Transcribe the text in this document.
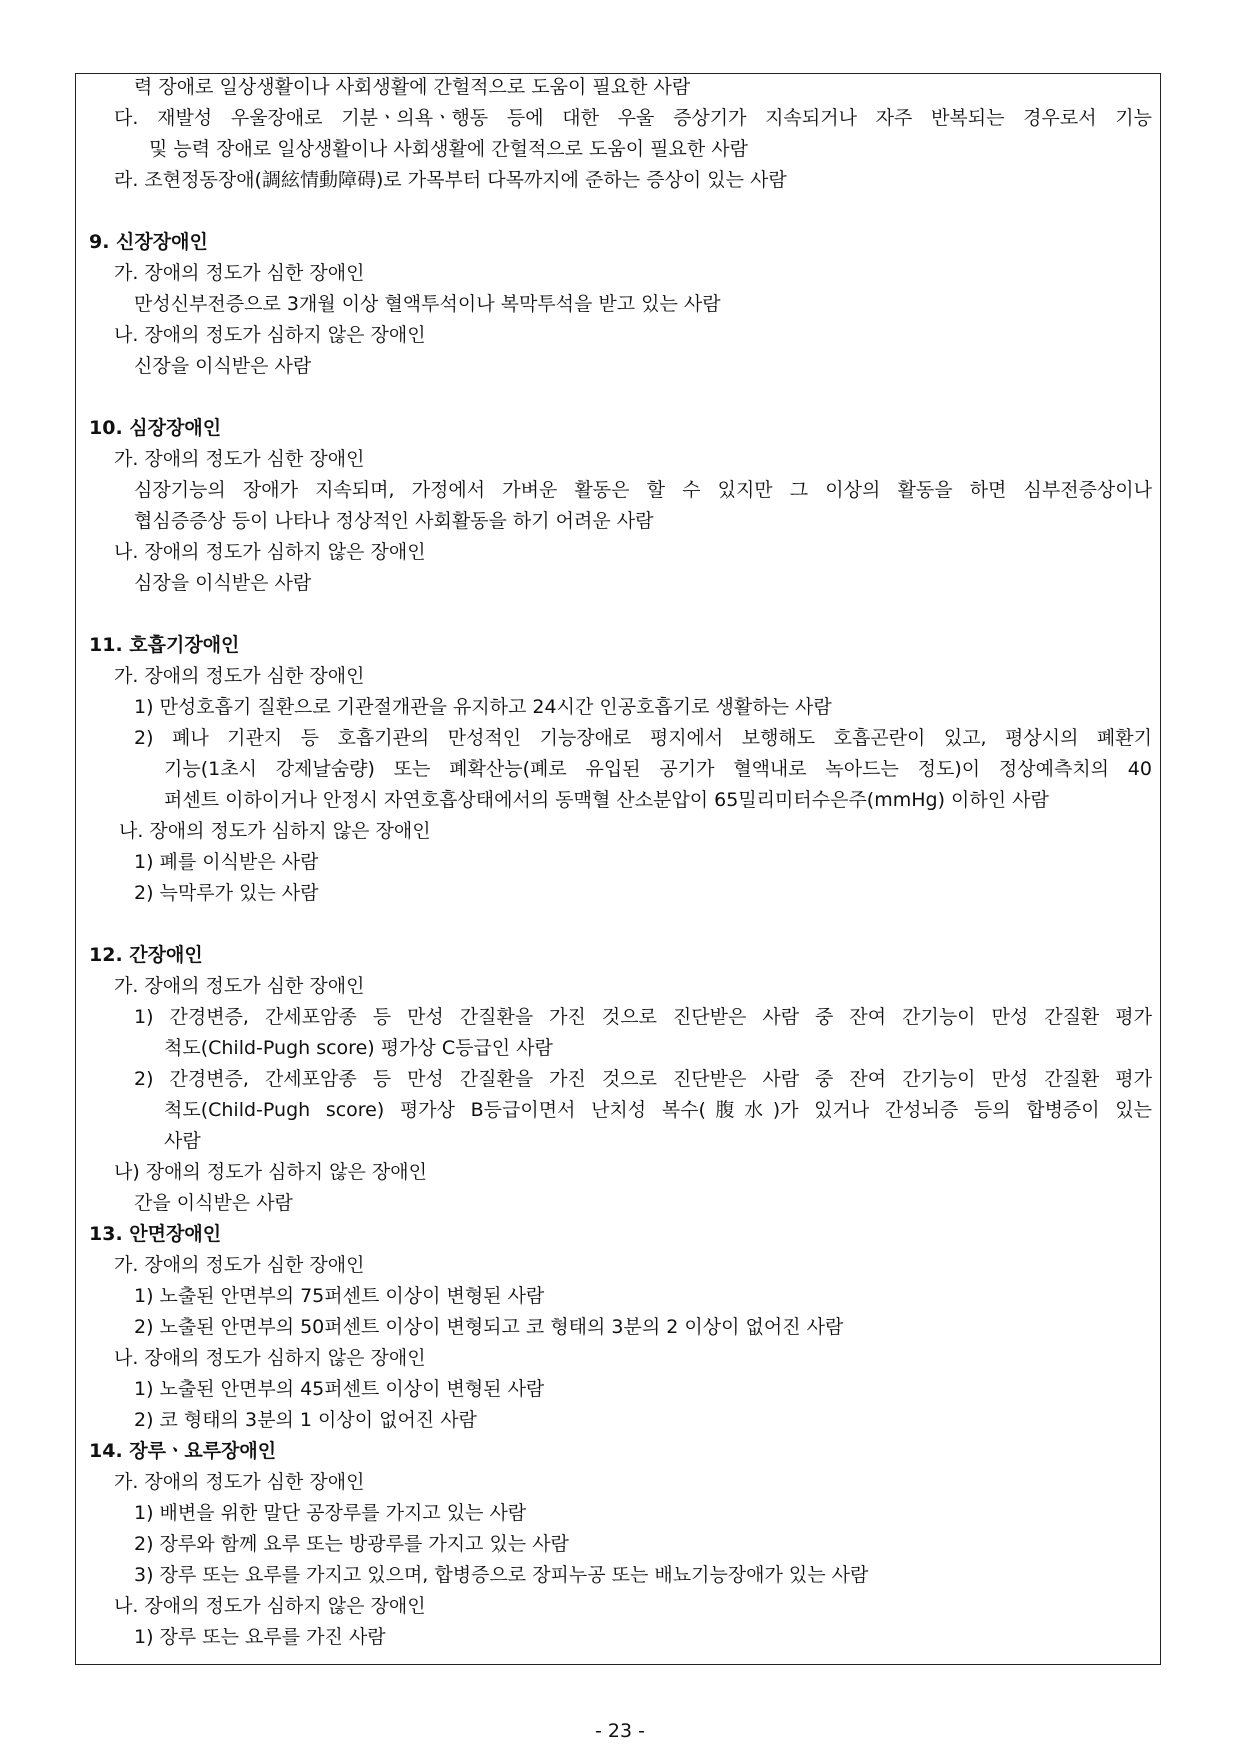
력 장애로 일상생활이나 사회생활에 간헐적으로 도움이 필요한 사람
다. 재발성 우울장애로 기분ㆍ의욕ㆍ행동 등에 대한 우울 증상기가 지속되거나 자주 반복되는 경우로서 기능
및 능력 장애로 일상생활이나 사회생활에 간헐적으로 도움이 필요한 사람
라. 조현정동장애(調絃情動障碍)로 가목부터 다목까지에 준하는 증상이 있는 사람
9. 신장장애인
가. 장애의 정도가 심한 장애인
만성신부전증으로 3개월 이상 혈액투석이나 복막투석을 받고 있는 사람
나. 장애의 정도가 심하지 않은 장애인
신장을 이식받은 사람
10. 심장장애인
가. 장애의 정도가 심한 장애인
심장기능의 장애가 지속되며, 가정에서 가벼운 활동은 할 수 있지만 그 이상의 활동을 하면 심부전증상이나
협심증증상 등이 나타나 정상적인 사회활동을 하기 어려운 사람
나. 장애의 정도가 심하지 않은 장애인
심장을 이식받은 사람
11. 호흡기장애인
가. 장애의 정도가 심한 장애인
1) 만성호흡기 질환으로 기관절개관을 유지하고 24시간 인공호흡기로 생활하는 사람
2) 폐나 기관지 등 호흡기관의 만성적인 기능장애로 평지에서 보행해도 호흡곤란이 있고, 평상시의 폐환기
기능(1초시 강제날숨량) 또는 폐확산능(폐로 유입된 공기가 혈액내로 녹아드는 정도)이 정상예측치의 40
퍼센트 이하이거나 안정시 자연호흡상태에서의 동맥혈 산소분압이 65밀리미터수은주(mmHg) 이하인 사람
나. 장애의 정도가 심하지 않은 장애인
1) 폐를 이식받은 사람
2) 늑막루가 있는 사람
12. 간장애인
가. 장애의 정도가 심한 장애인
1) 간경변증, 간세포암종 등 만성 간질환을 가진 것으로 진단받은 사람 중 잔여 간기능이 만성 간질환 평가
척도(Child-Pugh score) 평가상 C등급인 사람
2) 간경변증, 간세포암종 등 만성 간질환을 가진 것으로 진단받은 사람 중 잔여 간기능이 만성 간질환 평가
척도(Child-Pugh score) 평가상 B등급이면서 난치성 복수(腹水)가 있거나 간성뇌증 등의 합병증이 있는
사람
나) 장애의 정도가 심하지 않은 장애인
간을 이식받은 사람
13. 안면장애인
가. 장애의 정도가 심한 장애인
1) 노출된 안면부의 75퍼센트 이상이 변형된 사람
2) 노출된 안면부의 50퍼센트 이상이 변형되고 코 형태의 3분의 2 이상이 없어진 사람
나. 장애의 정도가 심하지 않은 장애인
1) 노출된 안면부의 45퍼센트 이상이 변형된 사람
2) 코 형태의 3분의 1 이상이 없어진 사람
14. 장루ㆍ요루장애인
가. 장애의 정도가 심한 장애인
1) 배변을 위한 말단 공장루를 가지고 있는 사람
2) 장루와 함께 요루 또는 방광루를 가지고 있는 사람
3) 장루 또는 요루를 가지고 있으며, 합병증으로 장피누공 또는 배뇨기능장애가 있는 사람
나. 장애의 정도가 심하지 않은 장애인
1) 장루 또는 요루를 가진 사람
- 23 -
